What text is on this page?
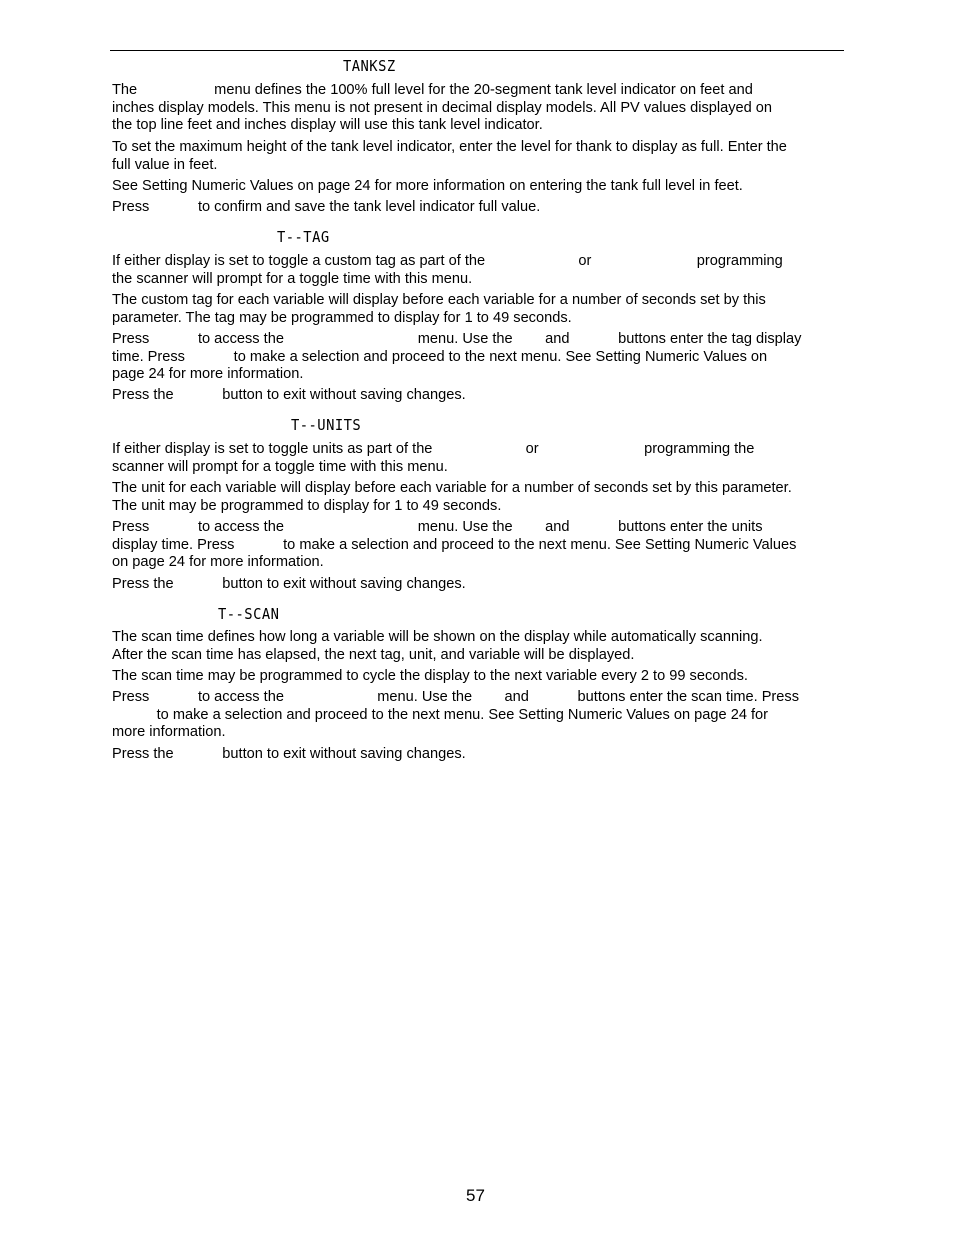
TANKSZ
The                   menu defines the 100% full level for the 20-segment tank level indicator on feet and
inches display models. This menu is not present in decimal display models. All PV values displayed on
the top line feet and inches display will use this tank level indicator.
To set the maximum height of the tank level indicator, enter the level for thank to display as full. Enter the
full value in feet.
See Setting Numeric Values on page 24 for more information on entering the tank full level in feet.
Press            to confirm and save the tank level indicator full value.
T--TAG
If either display is set to toggle a custom tag as part of the                       or                          programming
the scanner will prompt for a toggle time with this menu.
The custom tag for each variable will display before each variable for a number of seconds set by this
parameter. The tag may be programmed to display for 1 to 49 seconds.
Press            to access the                                 menu. Use the        and            buttons enter the tag display
time. Press            to make a selection and proceed to the next menu. See Setting Numeric Values on
page 24 for more information.
Press the            button to exit without saving changes.
T--UNITS
If either display is set to toggle units as part of the                       or                          programming the
scanner will prompt for a toggle time with this menu.
The unit for each variable will display before each variable for a number of seconds set by this parameter.
The unit may be programmed to display for 1 to 49 seconds.
Press            to access the                                 menu. Use the        and            buttons enter the units
display time. Press            to make a selection and proceed to the next menu. See Setting Numeric Values
on page 24 for more information.
Press the            button to exit without saving changes.
T--SCAN
The scan time defines how long a variable will be shown on the display while automatically scanning.
After the scan time has elapsed, the next tag, unit, and variable will be displayed.
The scan time may be programmed to cycle the display to the next variable every 2 to 99 seconds.
Press            to access the                       menu. Use the        and            buttons enter the scan time. Press
to make a selection and proceed to the next menu. See Setting Numeric Values on page 24 for
more information.
Press the            button to exit without saving changes.
57
